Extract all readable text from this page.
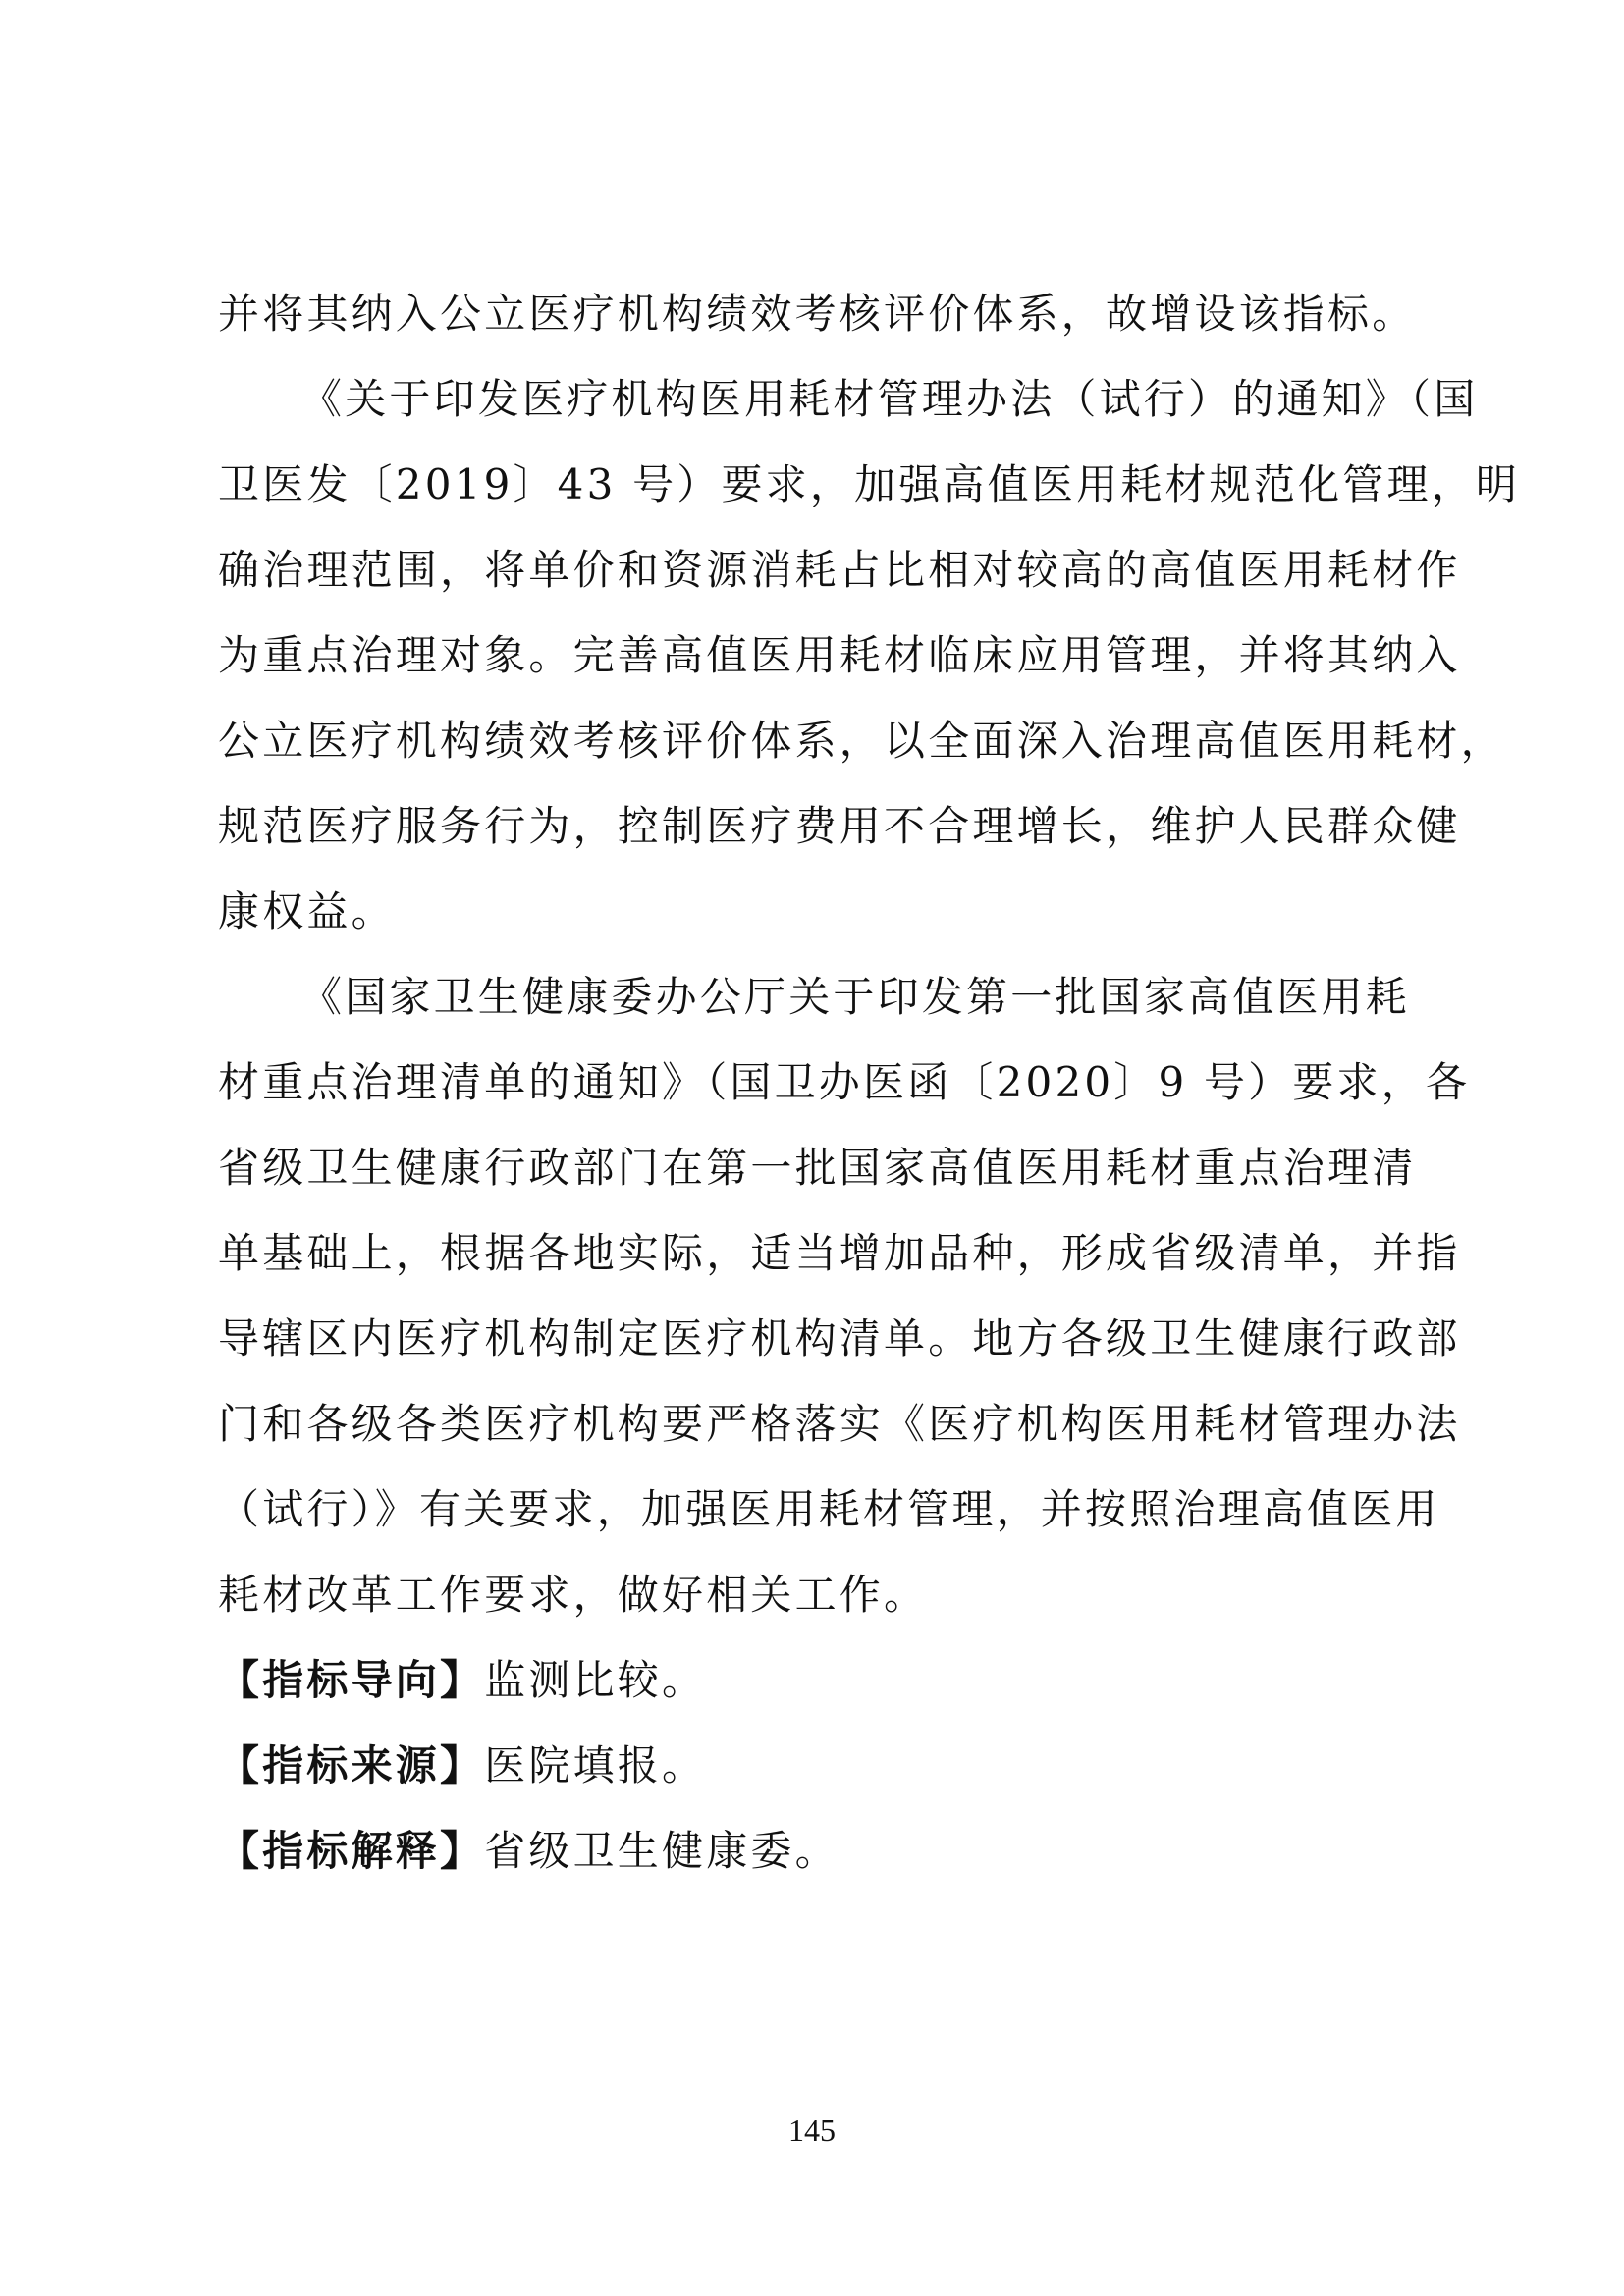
并将其纳入公立医疗机构绩效考核评价体系，故增设该指标。
《关于印发医疗机构医用耗材管理办法（试行）的通知》（国
卫医发〔2019〕43 号）要求，加强高值医用耗材规范化管理，明
确治理范围，将单价和资源消耗占比相对较高的高值医用耗材作
为重点治理对象。完善高值医用耗材临床应用管理，并将其纳入
公立医疗机构绩效考核评价体系，以全面深入治理高值医用耗材，
规范医疗服务行为，控制医疗费用不合理增长，维护人民群众健
康权益。
《国家卫生健康委办公厅关于印发第一批国家高值医用耗
材重点治理清单的通知》（国卫办医函〔2020〕9 号）要求，各
省级卫生健康行政部门在第一批国家高值医用耗材重点治理清
单基础上，根据各地实际，适当增加品种，形成省级清单，并指
导辖区内医疗机构制定医疗机构清单。地方各级卫生健康行政部
门和各级各类医疗机构要严格落实《医疗机构医用耗材管理办法
（试行）》有关要求，加强医用耗材管理，并按照治理高值医用
耗材改革工作要求，做好相关工作。
【指标导向】监测比较。
【指标来源】医院填报。
【指标解释】省级卫生健康委。
145
